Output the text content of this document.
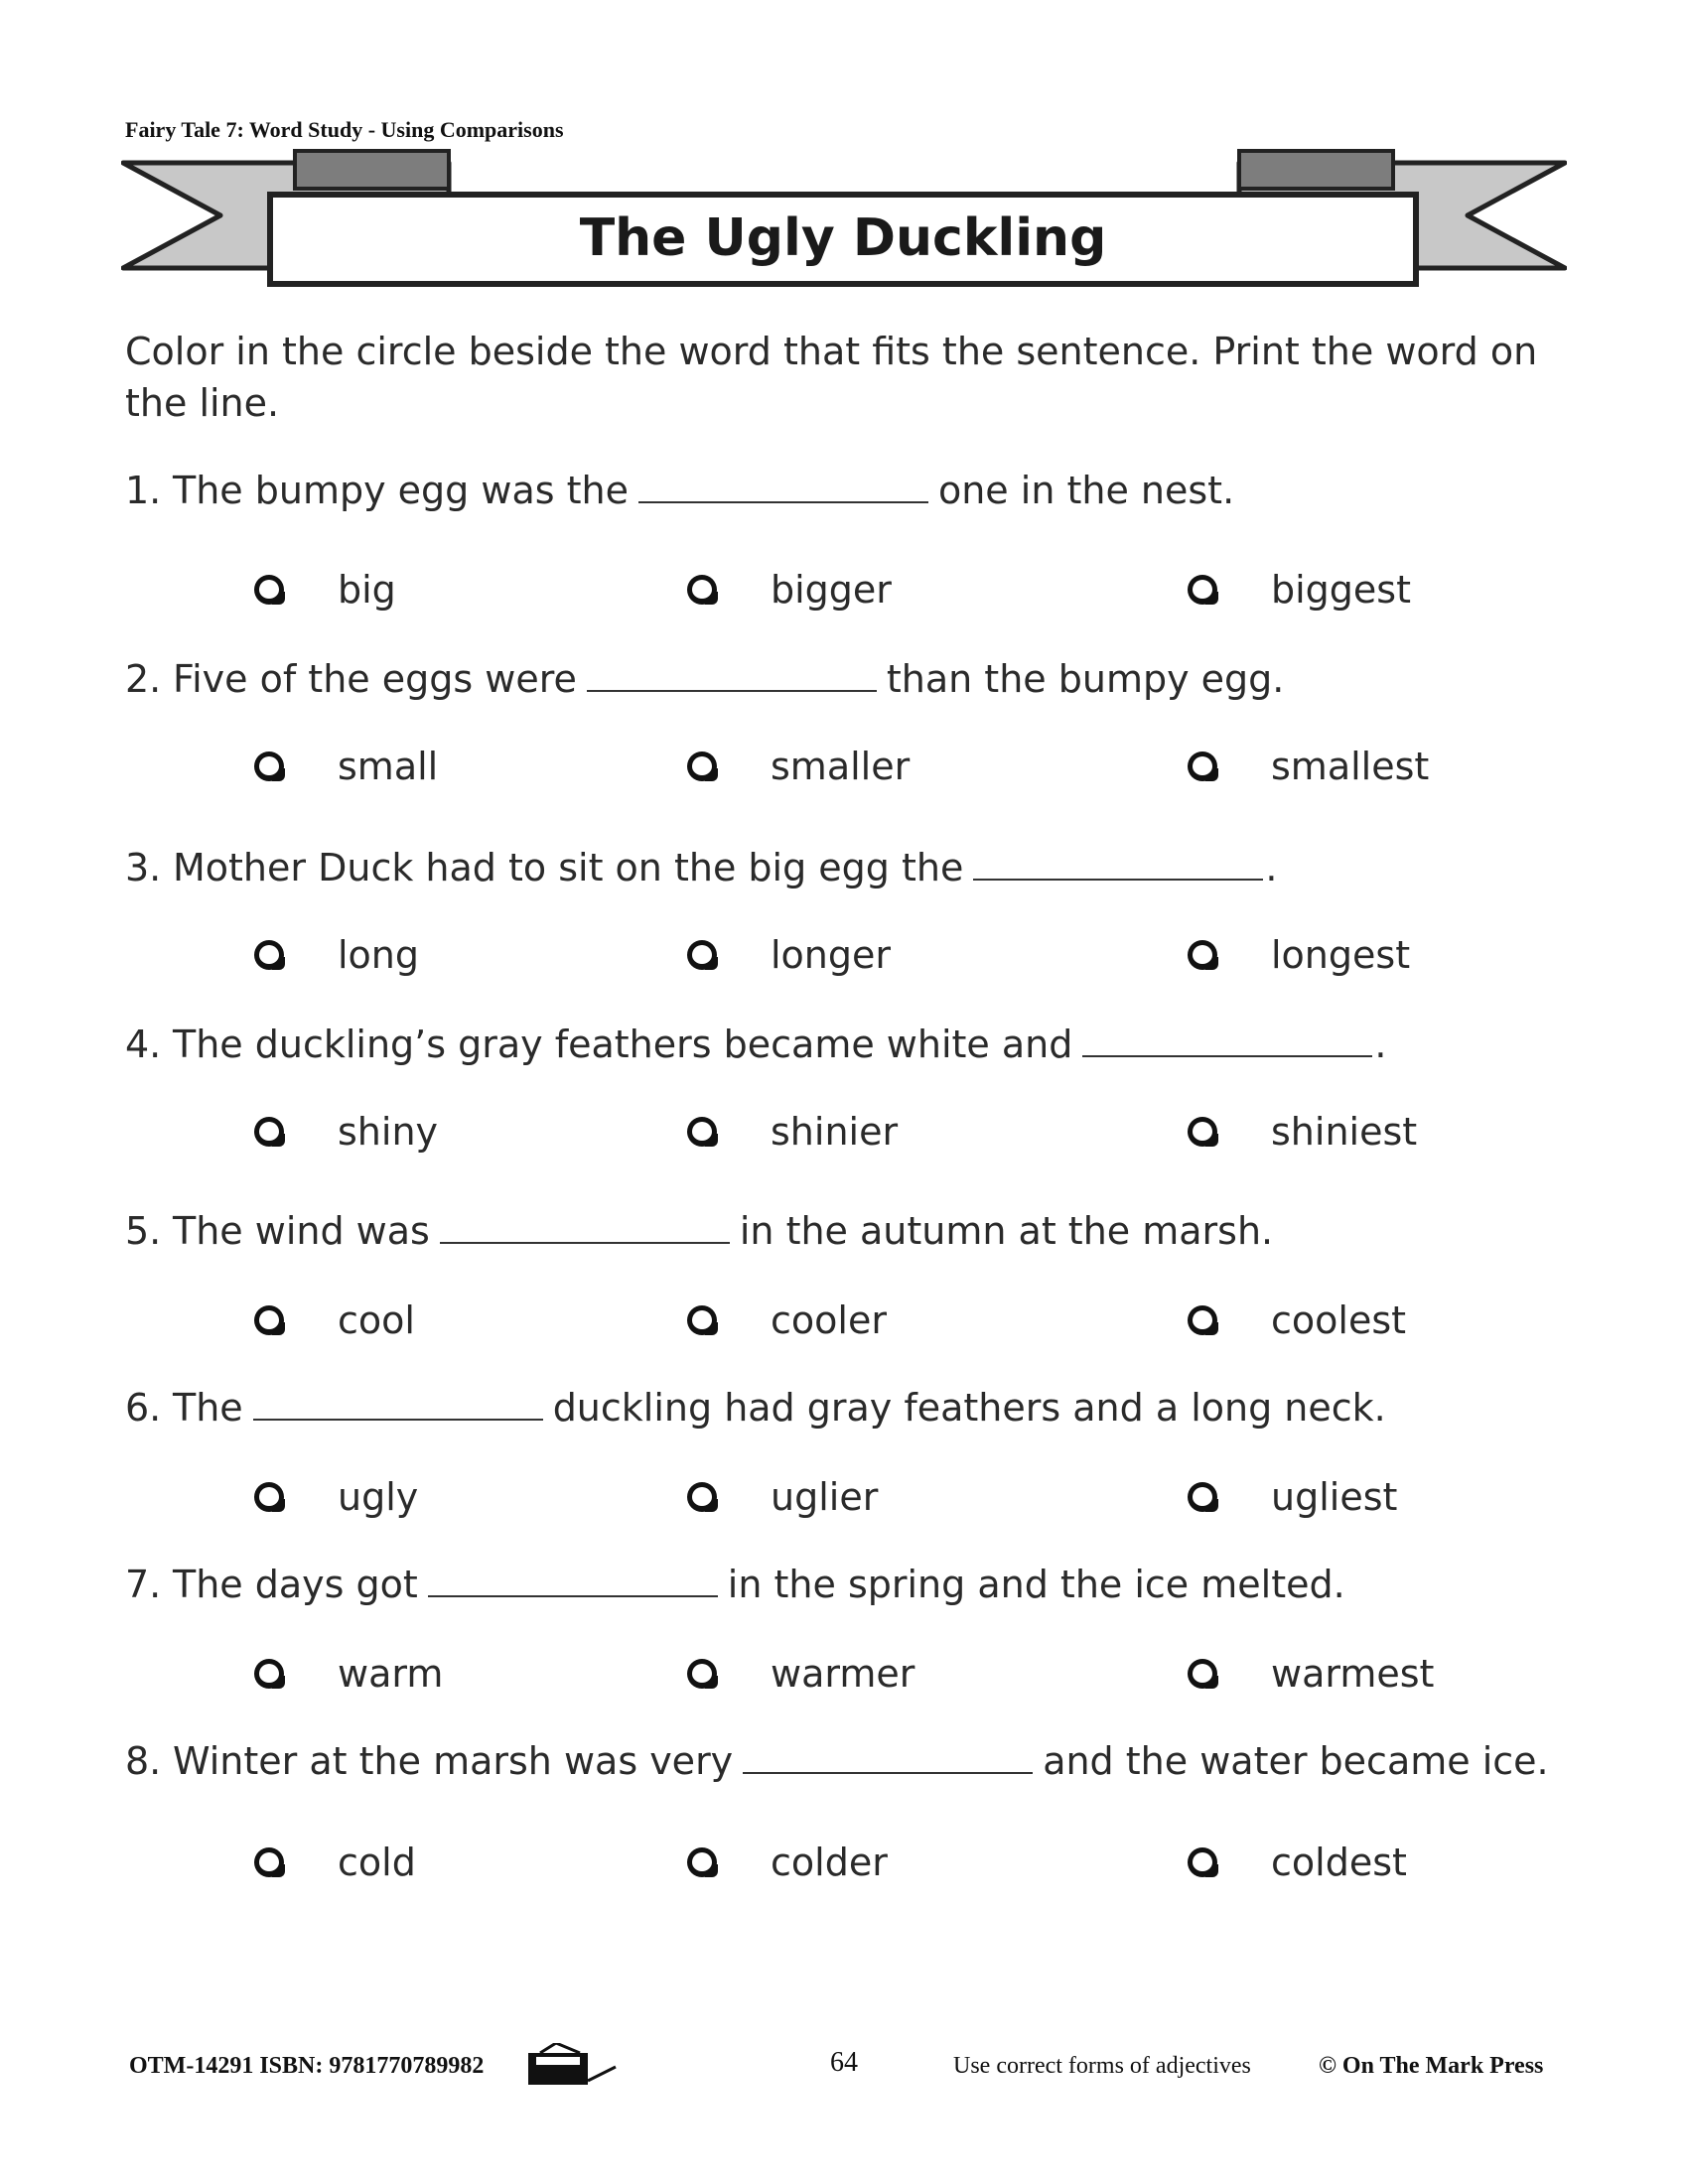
Fairy Tale 7: Word Study - Using Comparisons
The Ugly Duckling
Color in the circle beside the word that fits the sentence. Print the word on the line.
1. The bumpy egg was the	one in the nest.
big	bigger	biggest
2. Five of the eggs were	than the bumpy egg.
small	smaller	smallest
3. Mother Duck had to sit on the big egg the	.
long	longer	longest
4. The duckling’s gray feathers became white and	.
shiny	shinier	shiniest
5. The wind was	in the autumn at the marsh.
cool	cooler	coolest
6. The	duckling had gray feathers and a long neck.
ugly	uglier	ugliest
7. The days got	in the spring and the ice melted.
warm	warmer	warmest
8. Winter at the marsh was very	and the water became ice.
cold	colder	coldest
OTM-14291 ISBN: 9781770789982	64	Use correct forms of adjectives	© On The Mark Press
